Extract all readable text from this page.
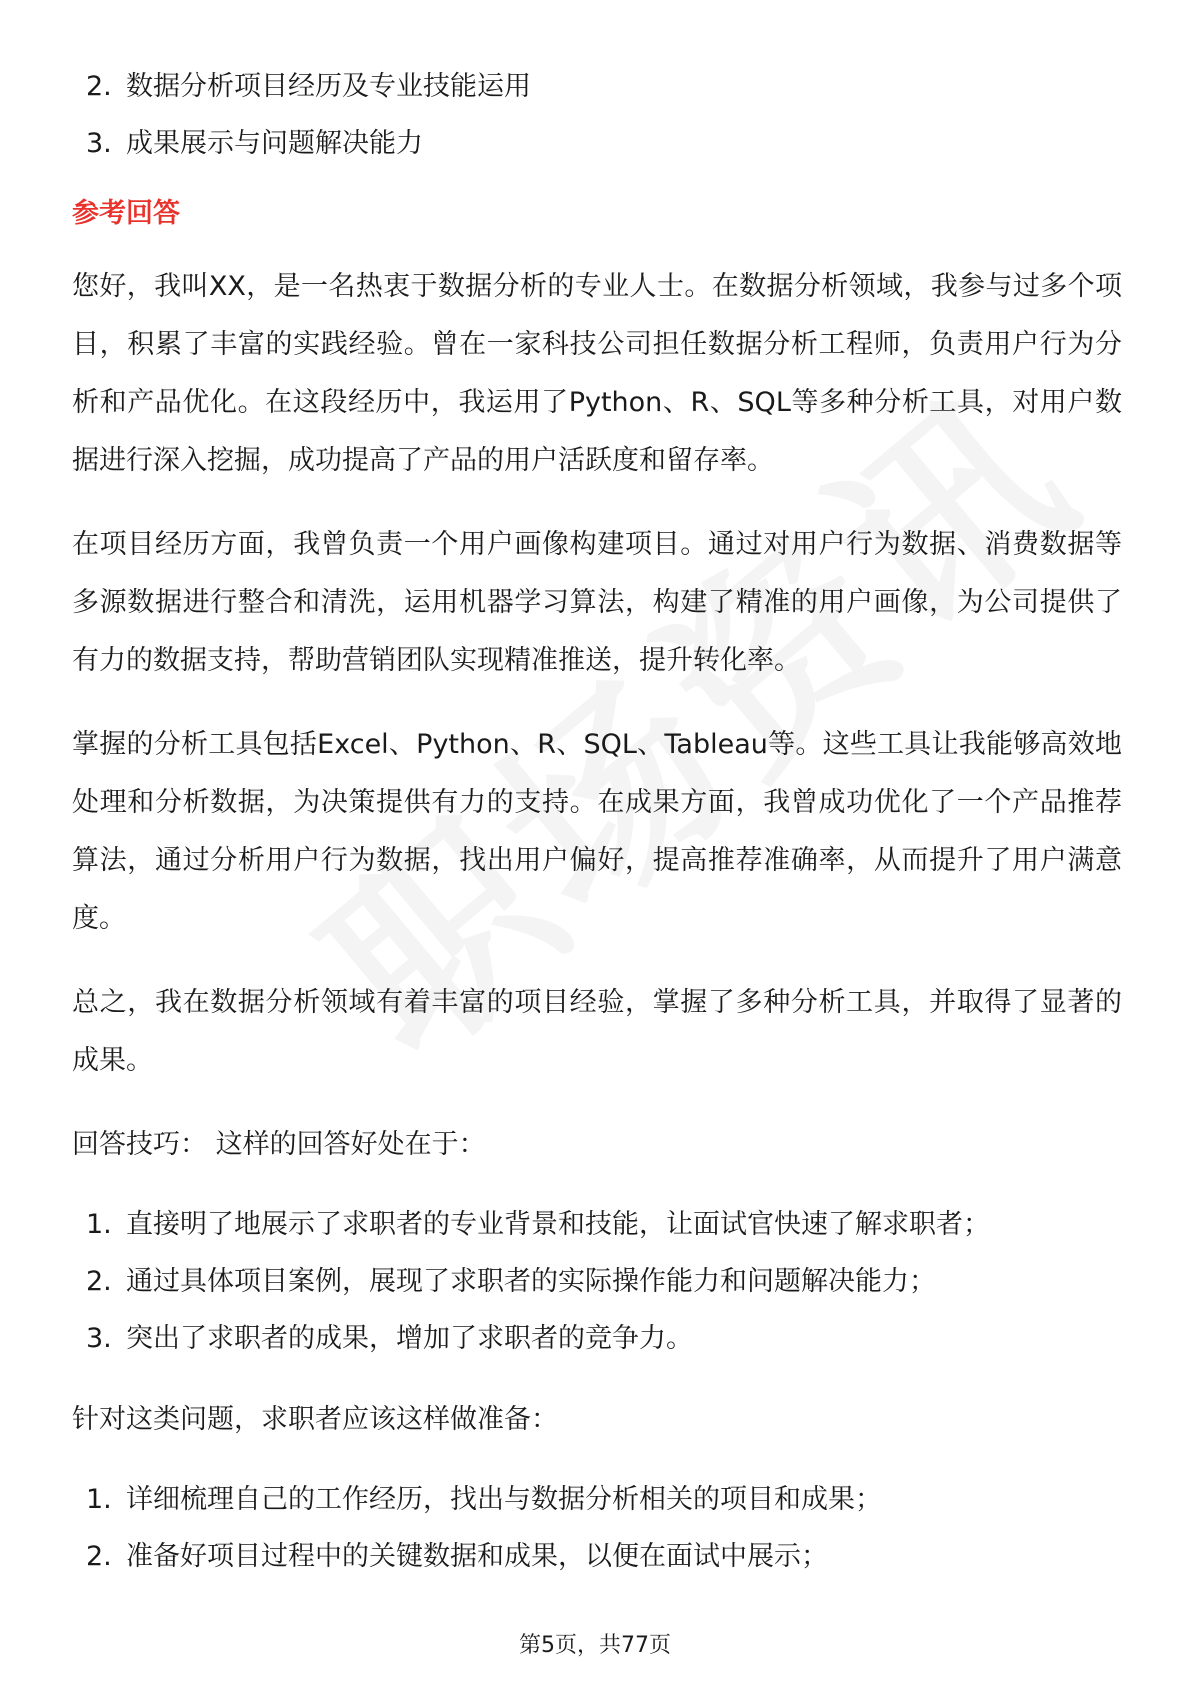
2. 数据分析项目经历及专业技能运用
3. 成果展示与问题解决能力
参考回答

您好，我叫XX，是一名热衷于数据分析的专业人士。在数据分析领域，我参与过多个项目，积累了丰富的实践经验。曾在一家科技公司担任数据分析工程师，负责用户行为分析和产品优化。在这段经历中，我运用了Python、R、SQL等多种分析工具，对用户数据进行深入挖掘，成功提高了产品的用户活跃度和留存率。

在项目经历方面，我曾负责一个用户画像构建项目。通过对用户行为数据、消费数据等多源数据进行整合和清洗，运用机器学习算法，构建了精准的用户画像，为公司提供了有力的数据支持，帮助营销团队实现精准推送，提升转化率。

掌握的分析工具包括Excel、Python、R、SQL、Tableau等。这些工具让我能够高效地处理和分析数据，为决策提供有力的支持。在成果方面，我曾成功优化了一个产品推荐算法，通过分析用户行为数据，找出用户偏好，提高推荐准确率，从而提升了用户满意度。

总之，我在数据分析领域有着丰富的项目经验，掌握了多种分析工具，并取得了显著的成果。

回答技巧： 这样的回答好处在于：

1. 直接明了地展示了求职者的专业背景和技能，让面试官快速了解求职者；
2. 通过具体项目案例，展现了求职者的实际操作能力和问题解决能力；
3. 突出了求职者的成果，增加了求职者的竞争力。

针对这类问题，求职者应该这样做准备：

1. 详细梳理自己的工作经历，找出与数据分析相关的项目和成果；
2. 准备好项目过程中的关键数据和成果，以便在面试中展示；
第5页，共77页
